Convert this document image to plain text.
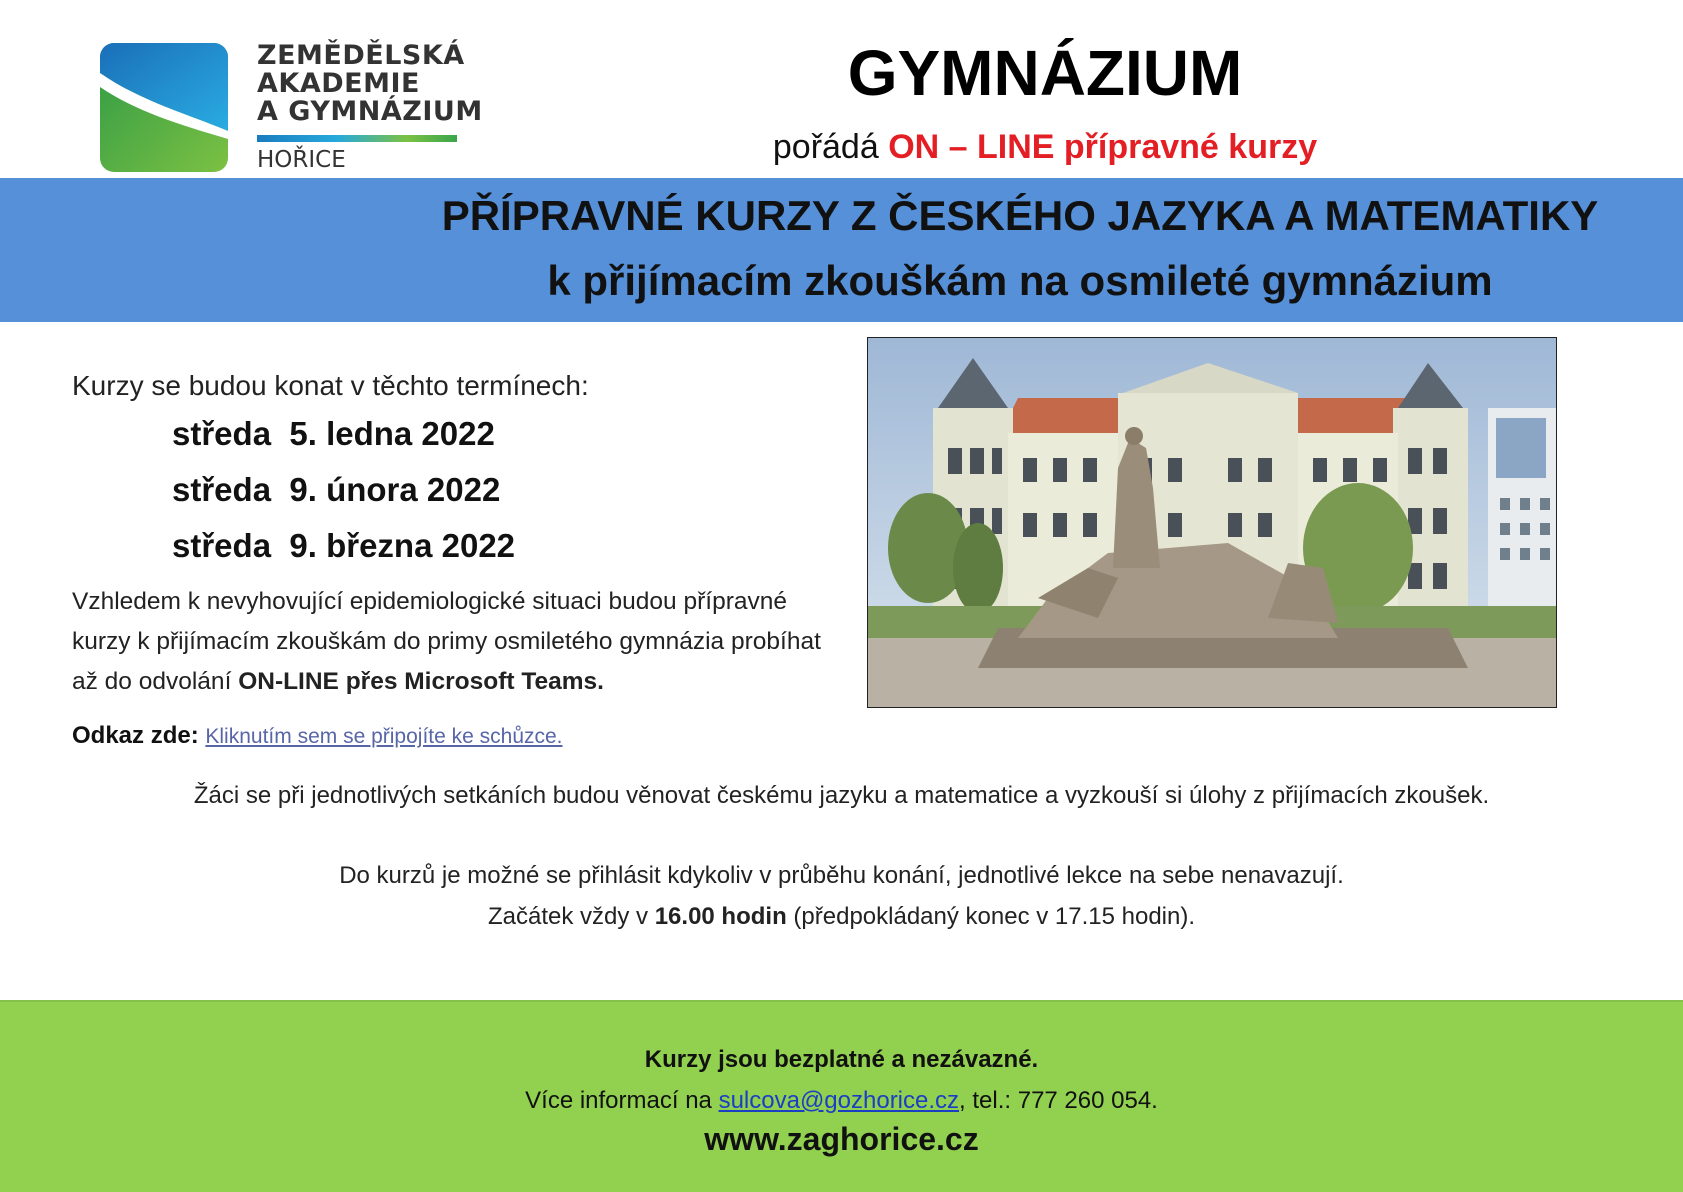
ZEMĚDĚLSKÁ
AKADEMIE
A GYMNÁZIUM
HOŘICE
GYMNÁZIUM
pořádá ON – LINE přípravné kurzy
PŘÍPRAVNÉ KURZY Z ČESKÉHO JAZYKA A MATEMATIKY
k přijímacím zkouškám na osmileté gymnázium
Kurzy se budou konat v těchto termínech:
středa  5. ledna 2022
středa  9. února 2022
středa  9. března 2022
Vzhledem k nevyhovující epidemiologické situaci budou přípravné kurzy k přijímacím zkouškám do primy osmiletého gymnázia probíhat až do odvolání ON-LINE přes Microsoft Teams.
Odkaz zde: Kliknutím sem se připojíte ke schůzce.
Žáci se při jednotlivých setkáních budou věnovat českému jazyku a matematice a vyzkouší si úlohy z přijímacích zkoušek.
Do kurzů je možné se přihlásit kdykoliv v průběhu konání, jednotlivé lekce na sebe nenavazují.
Začátek vždy v 16.00 hodin (předpokládaný konec v 17.15 hodin).
Kurzy jsou bezplatné a nezávazné.
Více informací na sulcova@gozhorice.cz, tel.: 777 260 054.
www.zaghorice.cz
